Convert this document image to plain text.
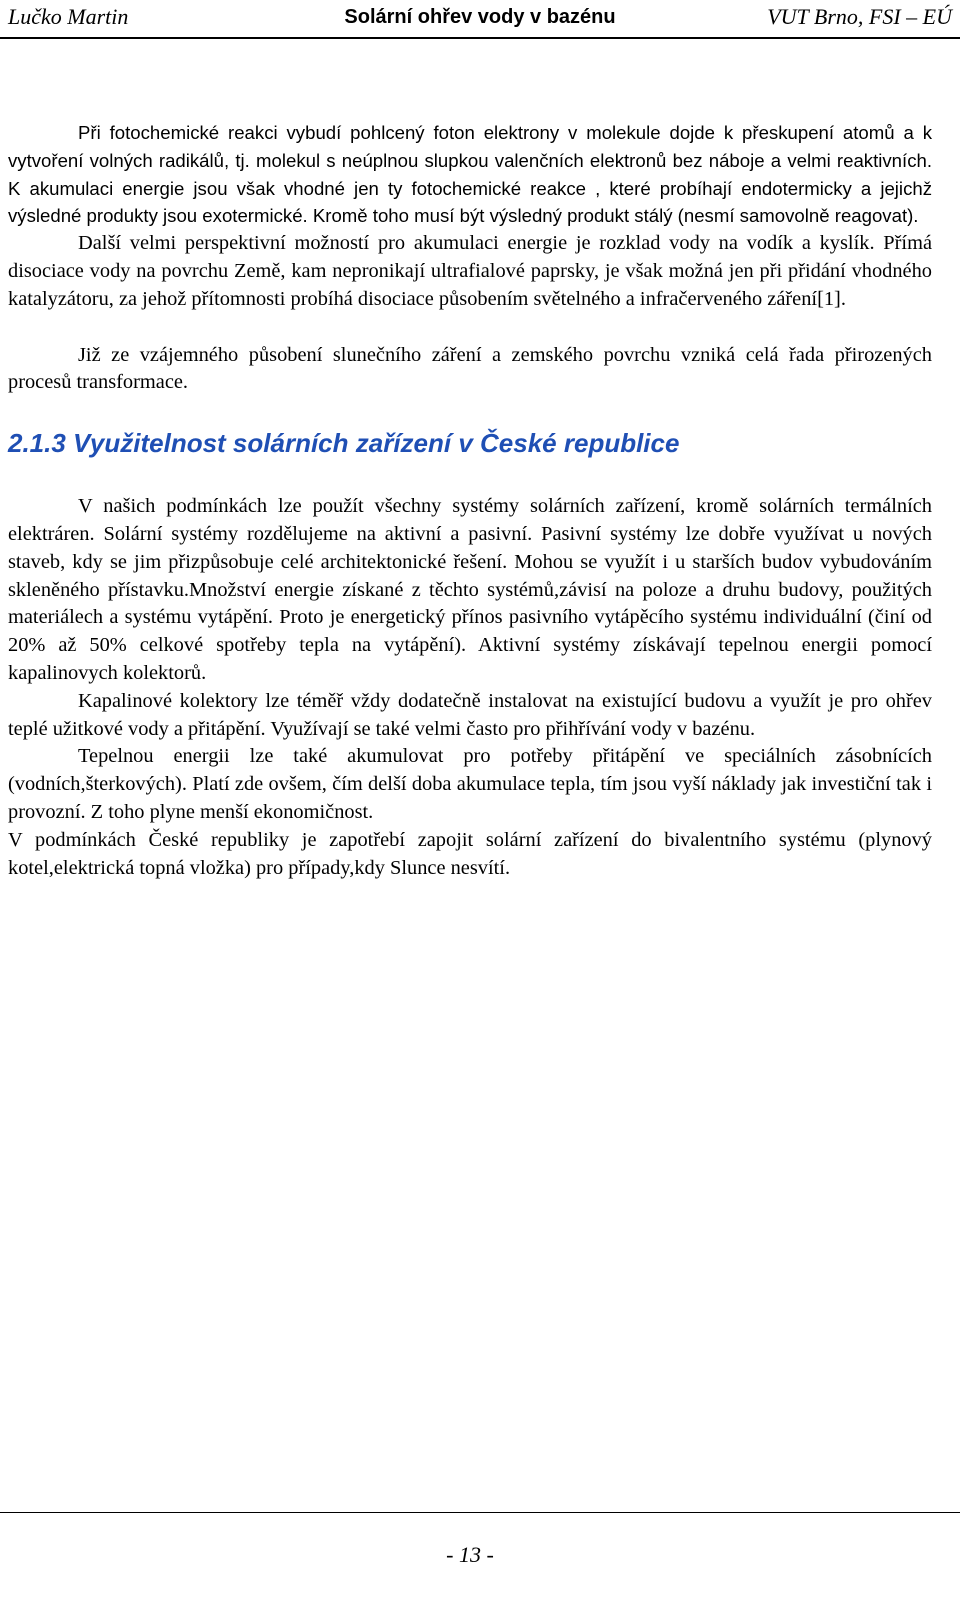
Lučko Martin	Solární ohřev vody v bazénu	VUT Brno, FSI – EÚ

Při fotochemické reakci vybudí pohlcený foton elektrony v molekule dojde k přeskupení atomů a k vytvoření volných radikálů, tj. molekul s neúplnou slupkou valenčních elektronů bez náboje a velmi reaktivních. K akumulaci energie jsou však vhodné jen ty fotochemické reakce , které probíhají endotermicky a jejichž výsledné produkty jsou exotermické. Kromě toho musí být výsledný produkt stálý (nesmí samovolně reagovat).

Další velmi perspektivní možností pro akumulaci energie je rozklad vody na vodík a kyslík. Přímá disociace vody na povrchu Země, kam nepronikají ultrafialové paprsky, je však možná jen při přidání vhodného katalyzátoru, za jehož přítomnosti probíhá disociace působením světelného a infračerveného záření[1].

Již ze vzájemného působení slunečního záření a zemského povrchu vzniká celá řada přirozených procesů transformace.

2.1.3 Využitelnost solárních zařízení v České republice

V našich podmínkách lze použít všechny systémy solárních zařízení, kromě solárních termálních elektráren. Solární systémy rozdělujeme na aktivní a pasivní. Pasivní systémy lze dobře využívat u nových staveb, kdy se jim přizpůsobuje celé architektonické řešení. Mohou se využít i u starších budov vybudováním skleněného přístavku.Množství energie získané z těchto systémů,závisí na poloze a druhu budovy, použitých materiálech a systému vytápění. Proto je energetický přínos pasivního vytápěcího systému individuální (činí od 20% až 50% celkové spotřeby tepla na vytápění). Aktivní systémy získávají tepelnou energii pomocí kapalinovych kolektorů.

Kapalinové kolektory lze téměř vždy dodatečně instalovat na existující budovu a využít je pro ohřev teplé užitkové vody a přitápění. Využívají se také velmi často pro přihřívání vody v bazénu.

Tepelnou energii lze také akumulovat pro potřeby přitápění ve speciálních zásobnících (vodních,šterkových). Platí zde ovšem, čím delší doba akumulace tepla, tím jsou vyší náklady jak investiční tak i provozní. Z toho plyne menší ekonomičnost.

V podmínkách České republiky je zapotřebí zapojit solární zařízení do bivalentního systému (plynový kotel,elektrická topná vložka) pro případy,kdy Slunce nesvítí.

- 13 -
